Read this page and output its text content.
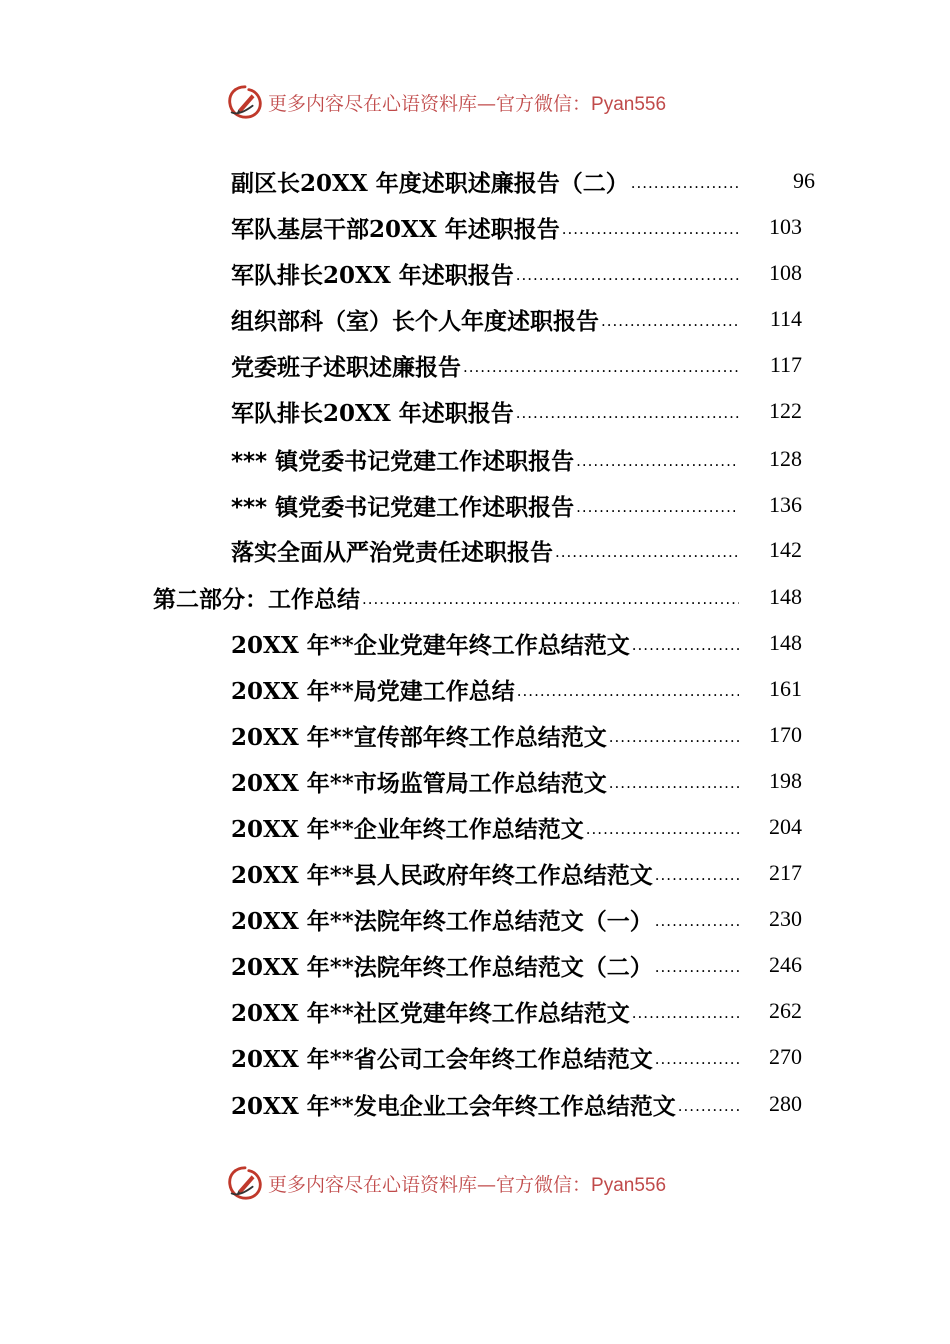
更多内容尽在心语资料库—官方微信：Pyan556
副区长20XX 年度述职述廉报告（二） .....	96
军队基层干部20XX 年述职报告 .....	103
军队排长20XX 年述职报告 .....	108
组织部科（室）长个人年度述职报告 .....	114
党委班子述职述廉报告 .....	117
军队排长20XX 年述职报告 .....	122
*** 镇党委书记党建工作述职报告 .....	128
*** 镇党委书记党建工作述职报告 .....	136
落实全面从严治党责任述职报告 .....	142
第二部分：工作总结 .....	148
20XX 年**企业党建年终工作总结范文 .....	148
20XX 年**局党建工作总结 .....	161
20XX 年**宣传部年终工作总结范文 .....	170
20XX 年**市场监管局工作总结范文 .....	198
20XX 年**企业年终工作总结范文 .....	204
20XX 年**县人民政府年终工作总结范文 .....	217
20XX 年**法院年终工作总结范文（一） .....	230
20XX 年**法院年终工作总结范文（二） .....	246
20XX 年**社区党建年终工作总结范文 .....	262
20XX 年**省公司工会年终工作总结范文 .....	270
20XX 年**发电企业工会年终工作总结范文 .....	280
更多内容尽在心语资料库—官方微信：Pyan556
